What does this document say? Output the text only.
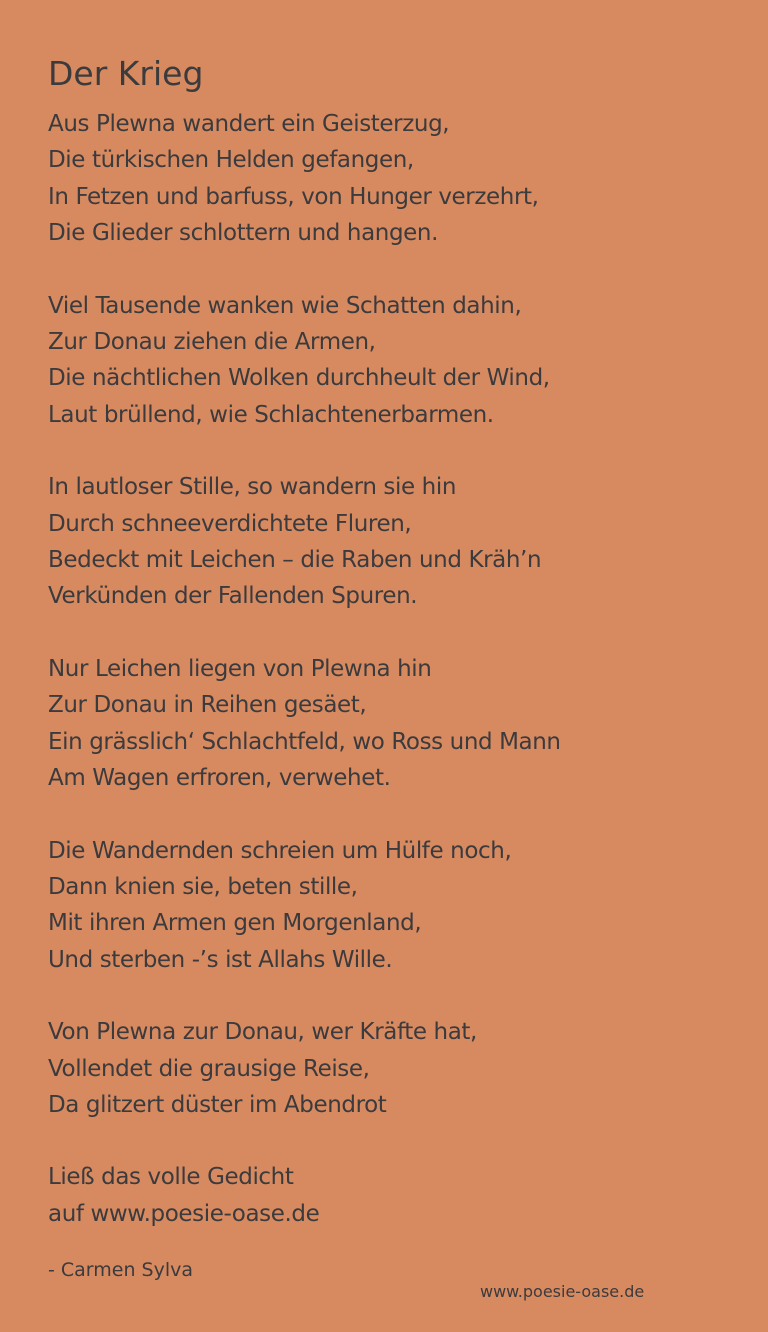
Der Krieg
Aus Plewna wandert ein Geisterzug,
Die türkischen Helden gefangen,
In Fetzen und barfuss, von Hunger verzehrt,
Die Glieder schlottern und hangen.
Viel Tausende wanken wie Schatten dahin,
Zur Donau ziehen die Armen,
Die nächtlichen Wolken durchheult der Wind,
Laut brüllend, wie Schlachtenerbarmen.
In lautloser Stille, so wandern sie hin
Durch schneeverdichtete Fluren,
Bedeckt mit Leichen – die Raben und Kräh’n
Verkünden der Fallenden Spuren.
Nur Leichen liegen von Plewna hin
Zur Donau in Reihen gesäet,
Ein grässlich‘ Schlachtfeld, wo Ross und Mann
Am Wagen erfroren, verwehet.
Die Wandernden schreien um Hülfe noch,
Dann knien sie, beten stille,
Mit ihren Armen gen Morgenland,
Und sterben -’s ist Allahs Wille.
Von Plewna zur Donau, wer Kräfte hat,
Vollendet die grausige Reise,
Da glitzert düster im Abendrot
Ließ das volle Gedicht
auf www.poesie-oase.de
- Carmen Sylva
www.poesie-oase.de
